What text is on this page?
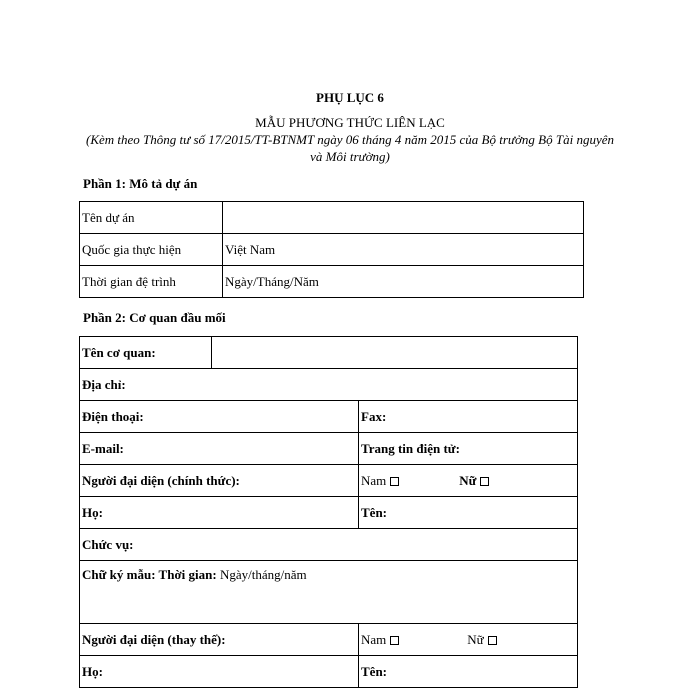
PHỤ LỤC 6
MẪU PHƯƠNG THỨC LIÊN LẠC
(Kèm theo Thông tư số 17/2015/TT-BTNMT ngày 06 tháng 4 năm 2015 của Bộ trưởng Bộ Tài nguyên và Môi trường)
Phần 1: Mô tả dự án
Tên dự án	
Quốc gia thực hiện	Việt Nam
Thời gian đệ trình	Ngày/Tháng/Năm
Phần 2: Cơ quan đầu mối
Tên cơ quan:		
Địa chỉ:		
Điện thoại:		Fax:
E-mail:		Trang tin điện tử:
Người đại diện (chính thức):		Nam Nữ
Họ:		Tên:
Chức vụ:		
Chữ ký mẫu: Thời gian: Ngày/tháng/năm		
Người đại diện (thay thế):		Nam Nữ
Họ:		Tên:
